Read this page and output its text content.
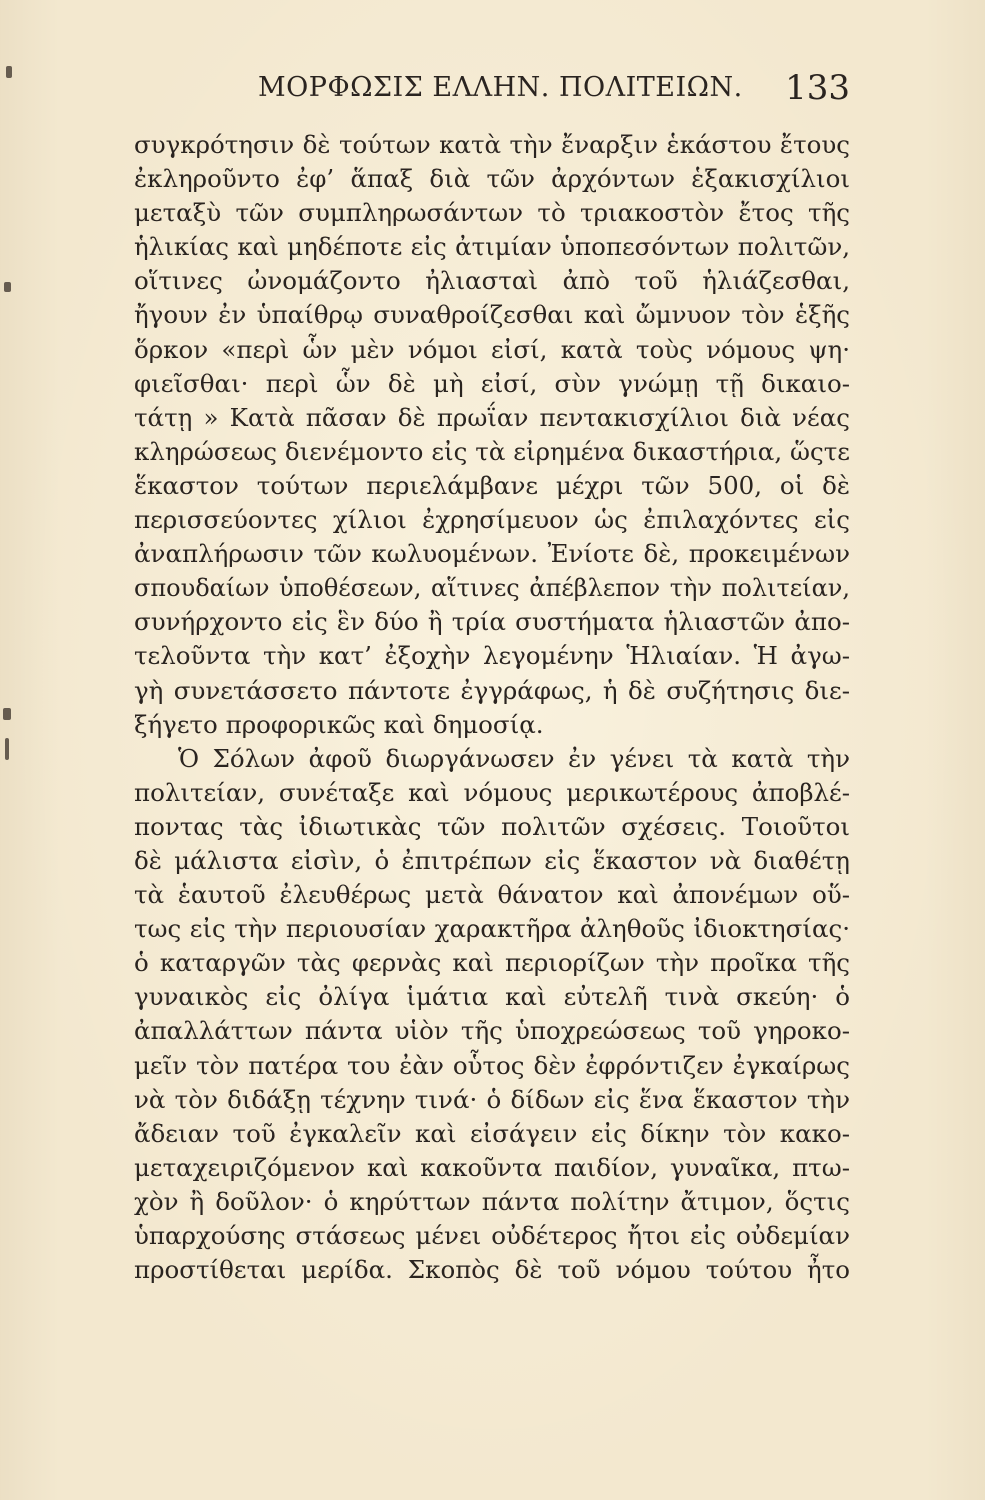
ΜΟΡΦΩΣΙΣ ΕΛΛΗΝ. ΠΟΛΙΤΕΙΩΝ. 133
συγκρότησιν δὲ τούτων κατὰ τὴν ἔναρξιν ἑκάστου ἔτους
ἐκληροῦντο ἐφ’ ἅπαξ διὰ τῶν ἀρχόντων ἑξακισχίλιοι
μεταξὺ τῶν συμπληρωσάντων τὸ τριακοστὸν ἔτος τῆς
ἡλικίας καὶ μηδέποτε εἰς ἀτιμίαν ὑποπεσόντων πολιτῶν,
οἵτινες ὠνομάζοντο ἠλιασταὶ ἀπὸ τοῦ ἡλιάζεσθαι,
ἤγουν ἐν ὑπαίθρῳ συναθροίζεσθαι καὶ ὤμνυον τὸν ἑξῆς
ὅρκον «περὶ ὧν μὲν νόμοι εἰσί, κατὰ τοὺς νόμους ψη·
φιεῖσθαι· περὶ ὧν δὲ μὴ εἰσί, σὺν γνώμῃ τῇ δικαιο-
τάτῃ » Κατὰ πᾶσαν δὲ πρωΐαν πεντακισχίλιοι διὰ νέας
κληρώσεως διενέμοντο εἰς τὰ εἰρημένα δικαστήρια, ὥςτε
ἕκαστον τούτων περιελάμβανε μέχρι τῶν 500, οἱ δὲ
περισσεύοντες χίλιοι ἐχρησίμευον ὡς ἐπιλαχόντες εἰς
ἀναπλήρωσιν τῶν κωλυομένων. Ἐνίοτε δὲ, προκειμένων
σπουδαίων ὑποθέσεων, αἵτινες ἀπέβλεπον τὴν πολιτείαν,
συνήρχοντο εἰς ἓν δύο ἢ τρία συστήματα ἡλιαστῶν ἀπο-
τελοῦντα τὴν κατ’ ἐξοχὴν λεγομένην Ἡλιαίαν. Ἡ ἀγω-
γὴ συνετάσσετο πάντοτε ἐγγράφως, ἡ δὲ συζήτησις διε-
ξήγετο προφορικῶς καὶ δημοσίᾳ.
Ὁ Σόλων ἀφοῦ διωργάνωσεν ἐν γένει τὰ κατὰ τὴν
πολιτείαν, συνέταξε καὶ νόμους μερικωτέρους ἀποβλέ-
ποντας τὰς ἰδιωτικὰς τῶν πολιτῶν σχέσεις. Τοιοῦτοι
δὲ μάλιστα εἰσὶν, ὁ ἐπιτρέπων εἰς ἕκαστον νὰ διαθέτῃ
τὰ ἑαυτοῦ ἐλευθέρως μετὰ θάνατον καὶ ἀπονέμων οὕ-
τως εἰς τὴν περιουσίαν χαρακτῆρα ἀληθοῦς ἰδιοκτησίας·
ὁ καταργῶν τὰς φερνὰς καὶ περιορίζων τὴν προῖκα τῆς
γυναικὸς εἰς ὀλίγα ἱμάτια καὶ εὐτελῆ τινὰ σκεύη· ὁ
ἀπαλλάττων πάντα υἱὸν τῆς ὑποχρεώσεως τοῦ γηροκο-
μεῖν τὸν πατέρα του ἐὰν οὗτος δὲν ἐφρόντιζεν ἐγκαίρως
νὰ τὸν διδάξῃ τέχνην τινά· ὁ δίδων εἰς ἕνα ἕκαστον τὴν
ἄδειαν τοῦ ἐγκαλεῖν καὶ εἰσάγειν εἰς δίκην τὸν κακο-
μεταχειριζόμενον καὶ κακοῦντα παιδίον, γυναῖκα, πτω-
χὸν ἢ δοῦλον· ὁ κηρύττων πάντα πολίτην ἄτιμον, ὅςτις
ὑπαρχούσης στάσεως μένει οὐδέτερος ἤτοι εἰς οὐδεμίαν
προστίθεται μερίδα. Σκοπὸς δὲ τοῦ νόμου τούτου ἦτο
